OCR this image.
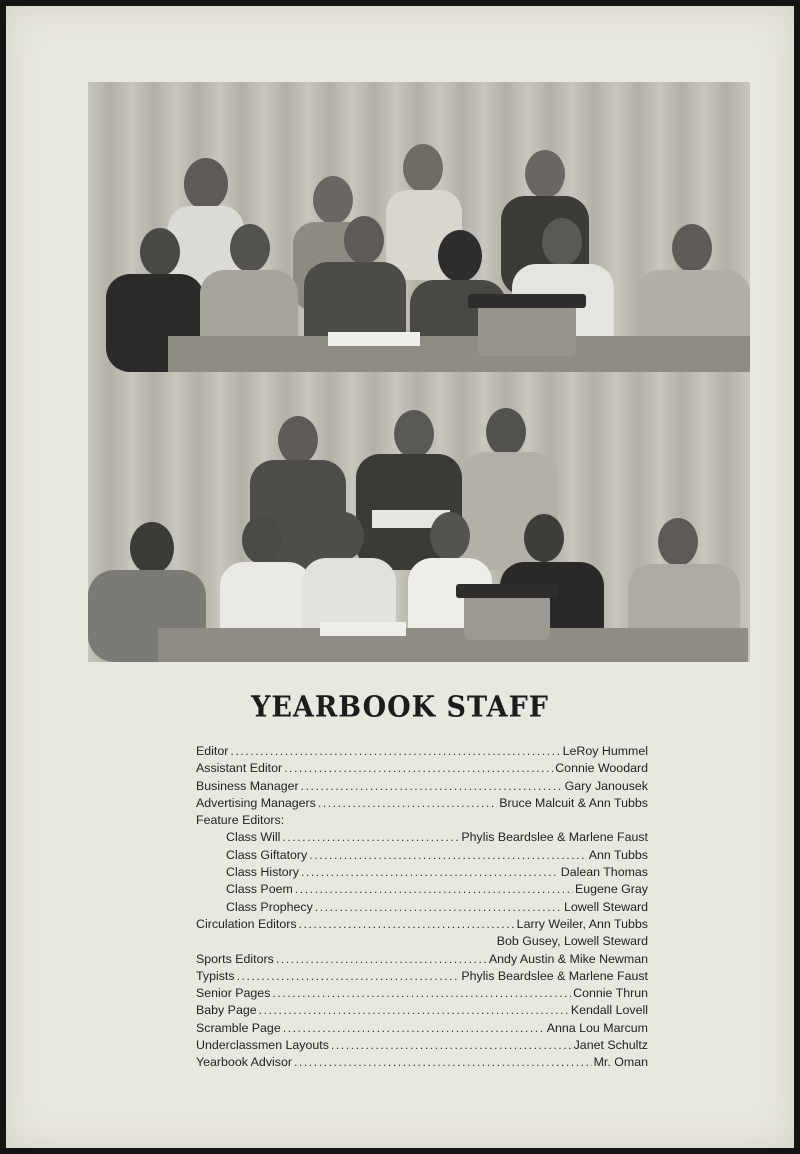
YEARBOOK STAFF
Editor .....	LeRoy Hummel
Assistant Editor .....	Connie Woodard
Business Manager .....	Gary Janousek
Advertising Managers .....	Bruce Malcuit & Ann Tubbs
Feature Editors:
Class Will .....	Phylis Beardslee & Marlene Faust
Class Giftatory .....	Ann Tubbs
Class History .....	Dalean Thomas
Class Poem .....	Eugene Gray
Class Prophecy .....	Lowell Steward
Circulation Editors .....	Larry Weiler, Ann Tubbs
Bob Gusey, Lowell Steward
Sports Editors .....	Andy Austin & Mike Newman
Typists .....	Phylis Beardslee & Marlene Faust
Senior Pages .....	Connie Thrun
Baby Page .....	Kendall Lovell
Scramble Page .....	Anna Lou Marcum
Underclassmen Layouts .....	Janet Schultz
Yearbook Advisor .....	Mr. Oman
